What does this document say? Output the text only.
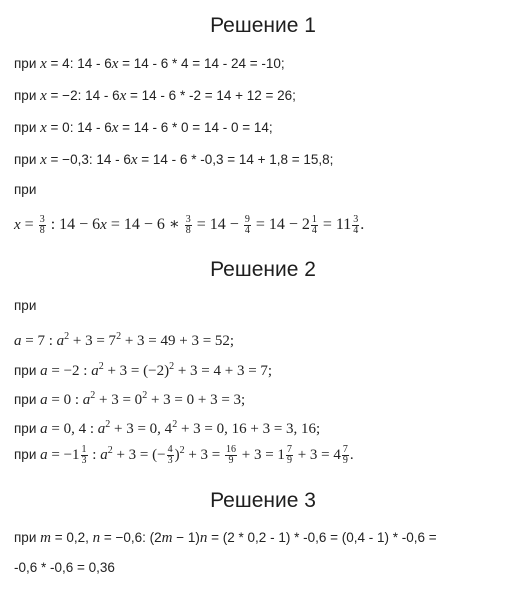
Решение 1
при x = 4: 14 - 6x = 14 - 6 * 4 = 14 - 24 = -10;
при x = −2: 14 - 6x = 14 - 6 * -2 = 14 + 12 = 26;
при x = 0: 14 - 6x = 14 - 6 * 0 = 14 - 0 = 14;
при x = −0,3: 14 - 6x = 14 - 6 * -0,3 = 14 + 1,8 = 15,8;
при
$x = \frac{3}{8}$ : 14 − 6x = 14 − 6 ∗ $\frac{3}{8} = 14 - \frac{9}{4} = 14 - 2 \frac{1}{4} = 11 \frac{3}{4}$ .
Решение 2
при
a = 7 : $a^2 + 3 = 7^2 + 3 = 49 + 3 = 52$;
при a = −2 : $a^2 + 3 = (-2)^2 + 3 = 4 + 3 = 7$;
при a = 0 : $a^2 + 3 = 0^2 + 3 = 0 + 3 = 3$;
при a = 0, 4 : $a^2 + 3 = 0$, $4^2 + 3 = 0$, 16 + 3 = 3, 16;
при $a = -1 \frac{1}{3}$ : $a^2 + 3$ = (− $\frac{4}{3} )^2 + 3 = \frac{16}{9} + 3 = 1 \frac{7}{9} + 3 = 4 \frac{7}{9}$ .
Решение 3
при m = 0,2, n = −0,6: (2m − 1)n = (2 * 0,2 - 1) * -0,6 = (0,4 - 1) * -0,6 =
-0,6 * -0,6 = 0,36
